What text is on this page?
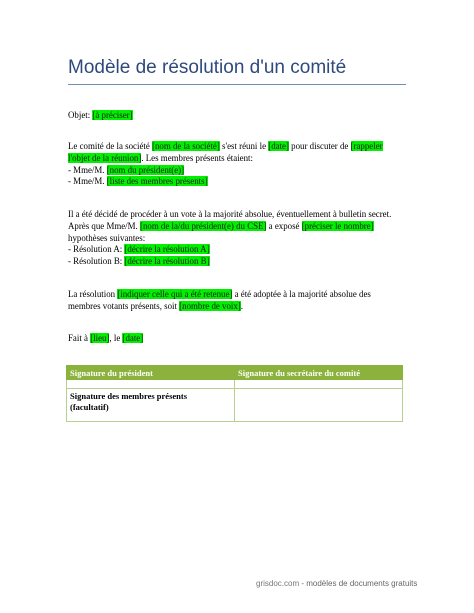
Modèle de résolution d'un comité
Objet: [à préciser]
Le comité de la société [nom de la société] s'est réuni le [date] pour discuter de [rappeler
l'objet de la réunion]. Les membres présents étaient:
- Mme/M. [nom du président(e)]
- Mme/M. [liste des membres présents]
Il a été décidé de procéder à un vote à la majorité absolue, éventuellement à bulletin secret.
Après que Mme/M. [nom de la/du président(e) du CSE] a exposé [préciser le nombre]
hypothèses suivantes:
- Résolution A: [décrire la résolution A]
- Résolution B: [décrire la résolution B]
La résolution [indiquer celle qui a été retenue] a été adoptée à la majorité absolue des
membres votants présents, soit [nombre de voix].
Fait à [lieu], le [date]
Signature du président	Signature du secrétaire du comité

Signature des membres présents
(facultatif)	

grisdoc.com - modèles de documents gratuits
